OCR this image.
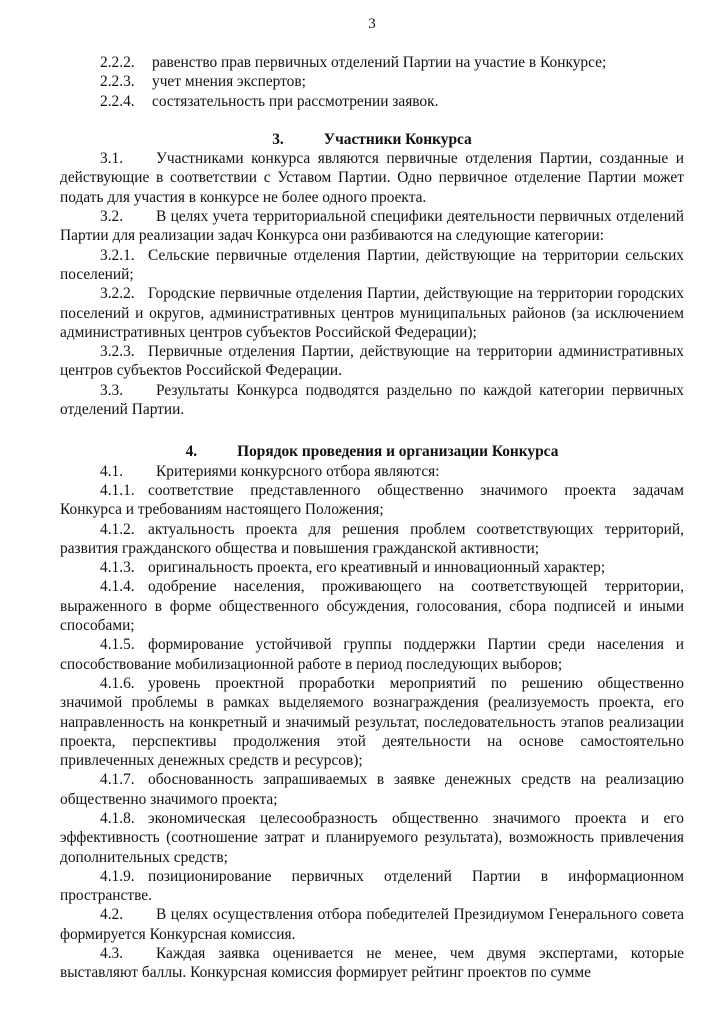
3
2.2.2.	равенство прав первичных отделений Партии на участие в Конкурсе;
2.2.3.	учет мнения экспертов;
2.2.4.	состязательность при рассмотрении заявок.
3.	Участники Конкурса
3.1. Участниками конкурса являются первичные отделения Партии, созданные и действующие в соответствии с Уставом Партии. Одно первичное отделение Партии может подать для участия в конкурсе не более одного проекта.
3.2. В целях учета территориальной специфики деятельности первичных отделений Партии для реализации задач Конкурса они разбиваются на следующие категории:
3.2.1. Сельские первичные отделения Партии, действующие на территории сельских поселений;
3.2.2. Городские первичные отделения Партии, действующие на территории городских поселений и округов, административных центров муниципальных районов (за исключением административных центров субъектов Российской Федерации);
3.2.3. Первичные отделения Партии, действующие на территории административных центров субъектов Российской Федерации.
3.3. Результаты Конкурса подводятся раздельно по каждой категории первичных отделений Партии.
4.	Порядок проведения и организации Конкурса
4.1. Критериями конкурсного отбора являются:
4.1.1. соответствие представленного общественно значимого проекта задачам Конкурса и требованиям настоящего Положения;
4.1.2. актуальность проекта для решения проблем соответствующих территорий, развития гражданского общества и повышения гражданской активности;
4.1.3. оригинальность проекта, его креативный и инновационный характер;
4.1.4. одобрение населения, проживающего на соответствующей территории, выраженного в форме общественного обсуждения, голосования, сбора подписей и иными способами;
4.1.5. формирование устойчивой группы поддержки Партии среди населения и способствование мобилизационной работе в период последующих выборов;
4.1.6. уровень проектной проработки мероприятий по решению общественно значимой проблемы в рамках выделяемого вознаграждения (реализуемость проекта, его направленность на конкретный и значимый результат, последовательность этапов реализации проекта, перспективы продолжения этой деятельности на основе самостоятельно привлеченных денежных средств и ресурсов);
4.1.7. обоснованность запрашиваемых в заявке денежных средств на реализацию общественно значимого проекта;
4.1.8. экономическая целесообразность общественно значимого проекта и его эффективность (соотношение затрат и планируемого результата), возможность привлечения дополнительных средств;
4.1.9. позиционирование первичных отделений Партии в информационном пространстве.
4.2. В целях осуществления отбора победителей Президиумом Генерального совета формируется Конкурсная комиссия.
4.3. Каждая заявка оценивается не менее, чем двумя экспертами, которые выставляют баллы. Конкурсная комиссия формирует рейтинг проектов по сумме
